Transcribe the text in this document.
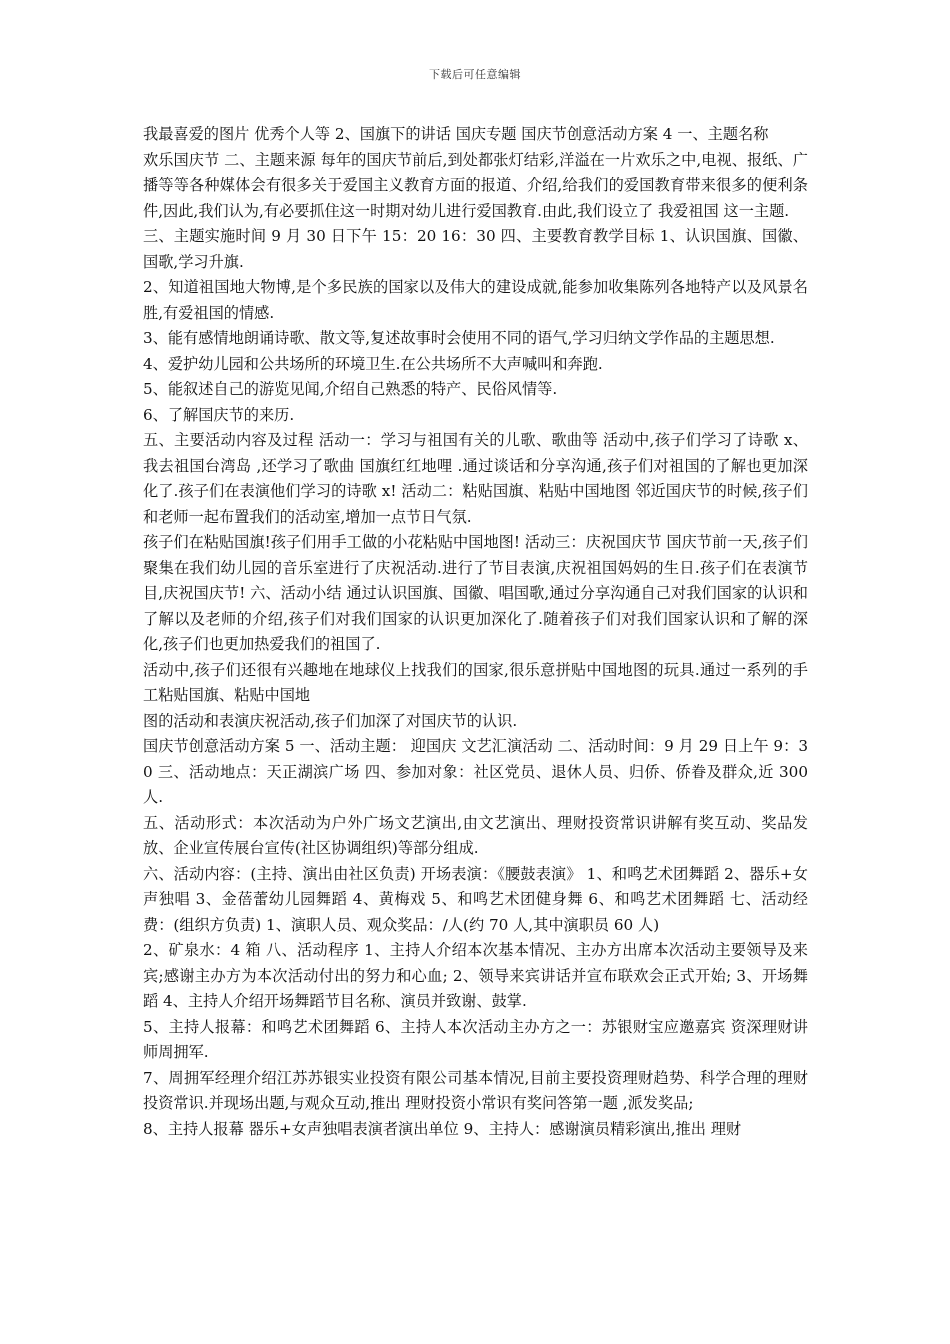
下载后可任意编辑

我最喜爱的图片 优秀个人等 2、国旗下的讲话 国庆专题 国庆节创意活动方案 4 一、主题名称

欢乐国庆节 二、主题来源 每年的国庆节前后,到处都张灯结彩,洋溢在一片欢乐之中,电视、报纸、广播等等各种媒体会有很多关于爱国主义教育方面的报道、介绍,给我们的爱国教育带来很多的便利条件,因此,我们认为,有必要抓住这一时期对幼儿进行爱国教育.由此,我们设立了 我爱祖国 这一主题.

三、主题实施时间 9 月 30 日下午 15：20 16：30 四、主要教育教学目标 1、认识国旗、国徽、国歌,学习升旗.

2、知道祖国地大物博,是个多民族的国家以及伟大的建设成就,能参加收集陈列各地特产以及风景名胜,有爱祖国的情感.

3、能有感情地朗诵诗歌、散文等,复述故事时会使用不同的语气,学习归纳文学作品的主题思想.

4、爱护幼儿园和公共场所的环境卫生.在公共场所不大声喊叫和奔跑.

5、能叙述自己的游览见闻,介绍自己熟悉的特产、民俗风情等.

6、了解国庆节的来历.

五、主要活动内容及过程 活动一：学习与祖国有关的儿歌、歌曲等 活动中,孩子们学习了诗歌 x、 我去祖国台湾岛 ,还学习了歌曲 国旗红红地哩 .通过谈话和分享沟通,孩子们对祖国的了解也更加深化了.孩子们在表演他们学习的诗歌 x! 活动二：粘贴国旗、粘贴中国地图 邻近国庆节的时候,孩子们和老师一起布置我们的活动室,增加一点节日气氛.

孩子们在粘贴国旗!孩子们用手工做的小花粘贴中国地图! 活动三：庆祝国庆节 国庆节前一天,孩子们聚集在我们幼儿园的音乐室进行了庆祝活动.进行了节目表演,庆祝祖国妈妈的生日.孩子们在表演节目,庆祝国庆节! 六、活动小结 通过认识国旗、国徽、唱国歌,通过分享沟通自己对我们国家的认识和了解以及老师的介绍,孩子们对我们国家的认识更加深化了.随着孩子们对我们国家认识和了解的深化,孩子们也更加热爱我们的祖国了.

活动中,孩子们还很有兴趣地在地球仪上找我们的国家,很乐意拼贴中国地图的玩具.通过一系列的手工粘贴国旗、粘贴中国地

图的活动和表演庆祝活动,孩子们加深了对国庆节的认识.

国庆节创意活动方案 5 一、活动主题： 迎国庆 文艺汇演活动 二、活动时间：9 月 29 日上午 9：30 三、活动地点：天正湖滨广场 四、参加对象：社区党员、退休人员、归侨、侨眷及群众,近 300 人.

五、活动形式：本次活动为户外广场文艺演出,由文艺演出、理财投资常识讲解有奖互动、奖品发放、企业宣传展台宣传(社区协调组织)等部分组成.

六、活动内容：(主持、演出由社区负责) 开场表演：《腰鼓表演》 1、和鸣艺术团舞蹈 2、器乐+女声独唱 3、金蓓蕾幼儿园舞蹈 4、黄梅戏 5、和鸣艺术团健身舞 6、和鸣艺术团舞蹈 七、活动经费：(组织方负责) 1、演职人员、观众奖品：/人(约 70 人,其中演职员 60 人)

2、矿泉水：4 箱 八、活动程序 1、主持人介绍本次基本情况、主办方出席本次活动主要领导及来宾;感谢主办方为本次活动付出的努力和心血; 2、领导来宾讲话并宣布联欢会正式开始; 3、开场舞蹈 4、主持人介绍开场舞蹈节目名称、演员并致谢、鼓掌.

5、主持人报幕：和鸣艺术团舞蹈 6、主持人本次活动主办方之一：苏银财宝应邀嘉宾 资深理财讲师周拥军.

7、周拥军经理介绍江苏苏银实业投资有限公司基本情况,目前主要投资理财趋势、科学合理的理财投资常识.并现场出题,与观众互动,推出 理财投资小常识有奖问答第一题 ,派发奖品;

8、主持人报幕 器乐+女声独唱表演者演出单位 9、主持人：感谢演员精彩演出,推出 理财
